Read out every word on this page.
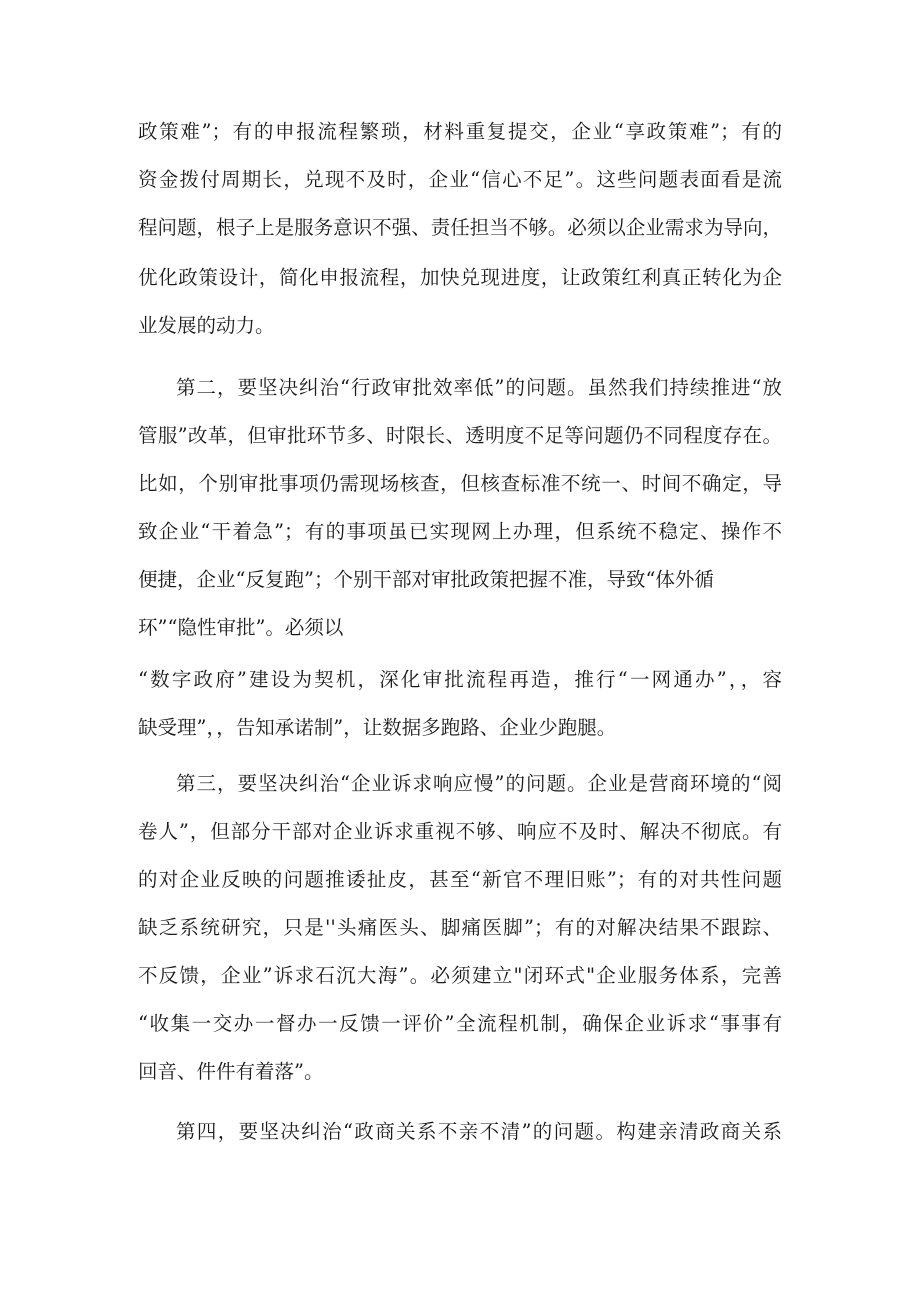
政策难”；有的申报流程繁琐，材料重复提交，企业“享政策难”；有的
资金拨付周期长，兑现不及时，企业“信心不足”。这些问题表面看是流
程问题，根子上是服务意识不强、责任担当不够。必须以企业需求为导向，
优化政策设计，简化申报流程，加快兑现进度，让政策红利真正转化为企
业发展的动力。
第二，要坚决纠治“行政审批效率低”的问题。虽然我们持续推进“放
管服”改革，但审批环节多、时限长、透明度不足等问题仍不同程度存在。
比如，个别审批事项仍需现场核查，但核查标准不统一、时间不确定，导
致企业“干着急”；有的事项虽已实现网上办理，但系统不稳定、操作不
便捷，企业“反复跑”；个别干部对审批政策把握不准，导致“体外循
环”“隐性审批”。必须以
“数字政府”建设为契机，深化审批流程再造，推行“一网通办”，，容
缺受理”，，告知承诺制”，让数据多跑路、企业少跑腿。
第三，要坚决纠治“企业诉求响应慢”的问题。企业是营商环境的“阅
卷人”，但部分干部对企业诉求重视不够、响应不及时、解决不彻底。有
的对企业反映的问题推诿扯皮，甚至“新官不理旧账”；有的对共性问题
缺乏系统研究，只是''头痛医头、脚痛医脚”；有的对解决结果不跟踪、
不反馈，企业”诉求石沉大海”。必须建立"闭环式"企业服务体系，完善
“收集一交办一督办一反馈一评价”全流程机制，确保企业诉求“事事有
回音、件件有着落”。
第四，要坚决纠治“政商关系不亲不清”的问题。构建亲清政商关系
